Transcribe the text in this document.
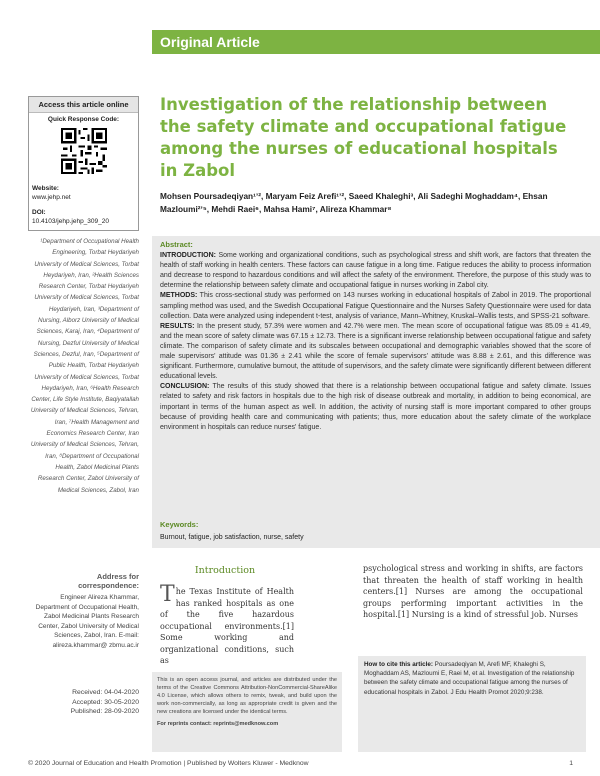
Original Article
Access this article online
Quick Response Code:
Website:
www.jehp.net
DOI:
10.4103/jehp.jehp_309_20
¹Department of Occupational Health Engineering, Torbat Heydariyeh University of Medical Sciences, Torbat Heydariyeh, Iran, ²Health Sciences Research Center, Torbat Heydariyeh University of Medical Sciences, Torbat Heydariyeh, Iran, ³Department of Nursing, Alborz University of Medical Sciences, Karaj, Iran, ⁴Department of Nursing, Dezful University of Medical Sciences, Dezful, Iran, ⁵Department of Public Health, Torbat Heydariyeh University of Medical Sciences, Torbat Heydariyeh, Iran, ⁶Health Research Center, Life Style Institute, Baqiyatallah University of Medical Sciences, Tehran, Iran, ⁷Health Management and Economics Research Center, Iran University of Medical Sciences, Tehran, Iran, ⁸Department of Occupational Health, Zabol Medicinal Plants Research Center, Zabol University of Medical Sciences, Zabol, Iran
Address for
correspondence:
Engineer Alireza Khammar, Department of Occupational Health, Zabol Medicinal Plants Research Center, Zabol University of Medical Sciences, Zabol, Iran. E-mail: alireza.khammar@ zbmu.ac.ir
Received: 04-04-2020
Accepted: 30-05-2020
Published: 28-09-2020
Investigation of the relationship between the safety climate and occupational fatigue among the nurses of educational hospitals in Zabol
Mohsen Poursadeqiyan¹ʼ², Maryam Feiz Arefi¹ʼ², Saeed Khaleghi³, Ali Sadeghi Moghaddam⁴, Ehsan Mazloumi²ʼ⁵, Mehdi Raei⁶, Mahsa Hami⁷, Alireza Khammar⁸
Abstract:

INTRODUCTION: Some working and organizational conditions, such as psychological stress and shift work, are factors that threaten the health of staff working in health centers. These factors can cause fatigue in a long time. Fatigue reduces the ability to process information and decrease to respond to hazardous conditions and will affect the safety of the environment. Therefore, the purpose of this study was to determine the relationship between safety climate and occupational fatigue in nurses working in Zabol city.

METHODS: This cross-sectional study was performed on 143 nurses working in educational hospitals of Zabol in 2019. The proportional sampling method was used, and the Swedish Occupational Fatigue Questionnaire and the Nurses Safety Questionnaire were used for data collection. Data were analyzed using independent t-test, analysis of variance, Mann–Whitney, Kruskal–Wallis tests, and SPSS-21 software.

RESULTS: In the present study, 57.3% were women and 42.7% were men. The mean score of occupational fatigue was 85.09 ± 41.49, and the mean score of safety climate was 67.15 ± 12.73. There is a significant inverse relationship between occupational fatigue and safety climate. The comparison of safety climate and its subscales between occupational and demographic variables showed that the score of male supervisors' attitude was 01.36 ± 2.41 while the score of female supervisors' attitude was 8.88 ± 2.61, and this difference was significant. Furthermore, cumulative burnout, the attitude of supervisors, and the safety climate were significantly different between different educational levels.

CONCLUSION: The results of this study showed that there is a relationship between occupational fatigue and safety climate. Issues related to safety and risk factors in hospitals due to the high risk of disease outbreak and mortality, in addition to being economical, are important in terms of the human aspect as well. In addition, the activity of nursing staff is more important compared to other groups because of providing health care and communicating with patients; thus, more education about the safety climate of the workplace environment in hospitals can reduce nurses' fatigue.

Keywords:
Burnout, fatigue, job satisfaction, nurse, safety
Introduction
The Texas Institute of Health has ranked hospitals as one of the five hazardous occupational environments.[1] Some working and organizational conditions, such as
psychological stress and working in shifts, are factors that threaten the health of staff working in health centers.[1] Nurses are among the occupational groups performing important activities in the hospital.[1] Nursing is a kind of stressful job. Nurses
This is an open access journal, and articles are distributed under the terms of the Creative Commons Attribution-NonCommercial-ShareAlike 4.0 License, which allows others to remix, tweak, and build upon the work non-commercially, as long as appropriate credit is given and the new creations are licensed under the identical terms.
For reprints contact: reprints@medknow.com
How to cite this article: Poursadeqiyan M, Arefi MF, Khaleghi S, Moghaddam AS, Mazloumi E, Raei M, et al. Investigation of the relationship between the safety climate and occupational fatigue among the nurses of educational hospitals in Zabol. J Edu Health Promot 2020;9:238.
© 2020 Journal of Education and Health Promotion | Published by Wolters Kluwer - Medknow	1
